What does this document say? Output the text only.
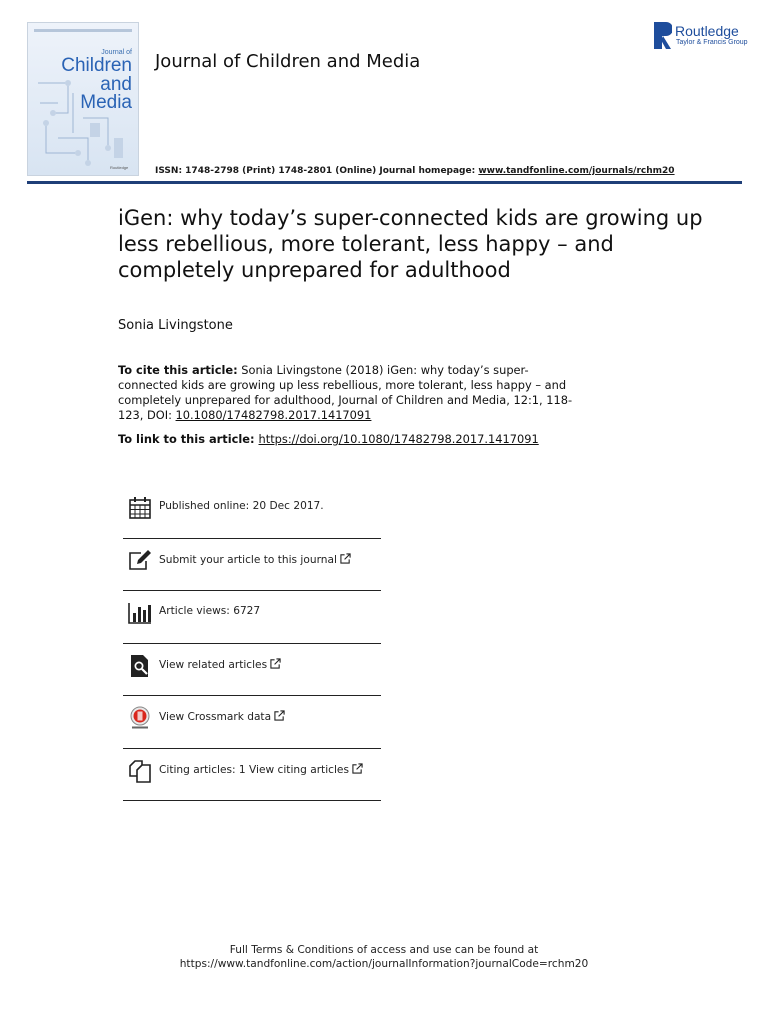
Journal of
Children
and
Media
Routledge
Journal of Children and Media
Routledge
Taylor & Francis Group
ISSN: 1748-2798 (Print) 1748-2801 (Online) Journal homepage: www.tandfonline.com/journals/rchm20
iGen: why today’s super-connected kids are growing up less rebellious, more tolerant, less happy – and completely unprepared for adulthood
Sonia Livingstone
To cite this article: Sonia Livingstone (2018) iGen: why today’s super-connected kids are growing up less rebellious, more tolerant, less happy – and completely unprepared for adulthood, Journal of Children and Media, 12:1, 118-123, DOI: 10.1080/17482798.2017.1417091
To link to this article: https://doi.org/10.1080/17482798.2017.1417091
Published online: 20 Dec 2017.
Submit your article to this journal
Article views: 6727
View related articles
View Crossmark data
Citing articles: 1 View citing articles
Full Terms & Conditions of access and use can be found at
https://www.tandfonline.com/action/journalInformation?journalCode=rchm20
